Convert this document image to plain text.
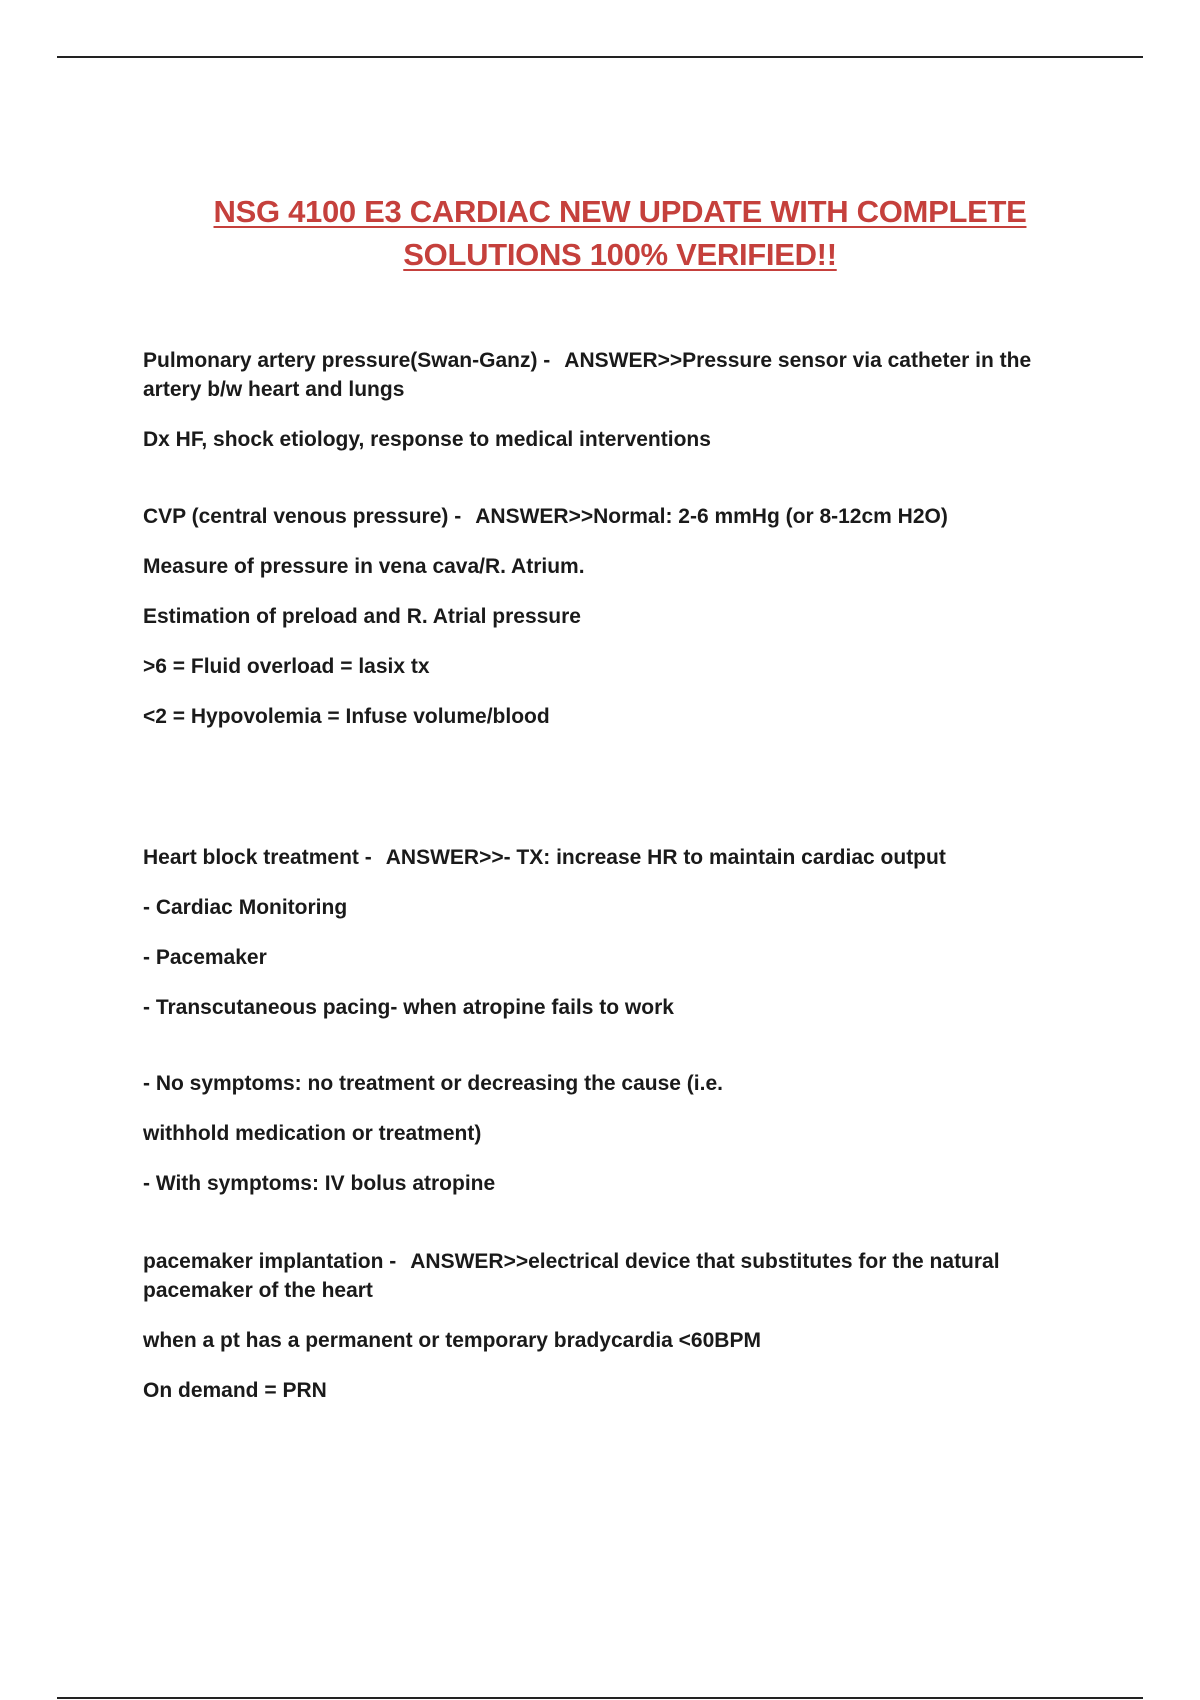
NSG 4100 E3 CARDIAC NEW UPDATE WITH COMPLETE
SOLUTIONS 100% VERIFIED!!
Pulmonary artery pressure(Swan-Ganz) - ANSWER>>Pressure sensor via catheter in the artery b/w heart and lungs
Dx HF, shock etiology, response to medical interventions
CVP (central venous pressure) - ANSWER>>Normal: 2-6 mmHg (or 8-12cm H2O)
Measure of pressure in vena cava/R. Atrium.
Estimation of preload and R. Atrial pressure
>6 = Fluid overload = lasix tx
<2 = Hypovolemia = Infuse volume/blood
Heart block treatment - ANSWER>>- TX: increase HR to maintain cardiac output
- Cardiac Monitoring
- Pacemaker
- Transcutaneous pacing- when atropine fails to work
- No symptoms: no treatment or decreasing the cause (i.e.
withhold medication or treatment)
- With symptoms: IV bolus atropine
pacemaker implantation - ANSWER>>electrical device that substitutes for the natural pacemaker of the heart
when a pt has a permanent or temporary bradycardia <60BPM
On demand = PRN
